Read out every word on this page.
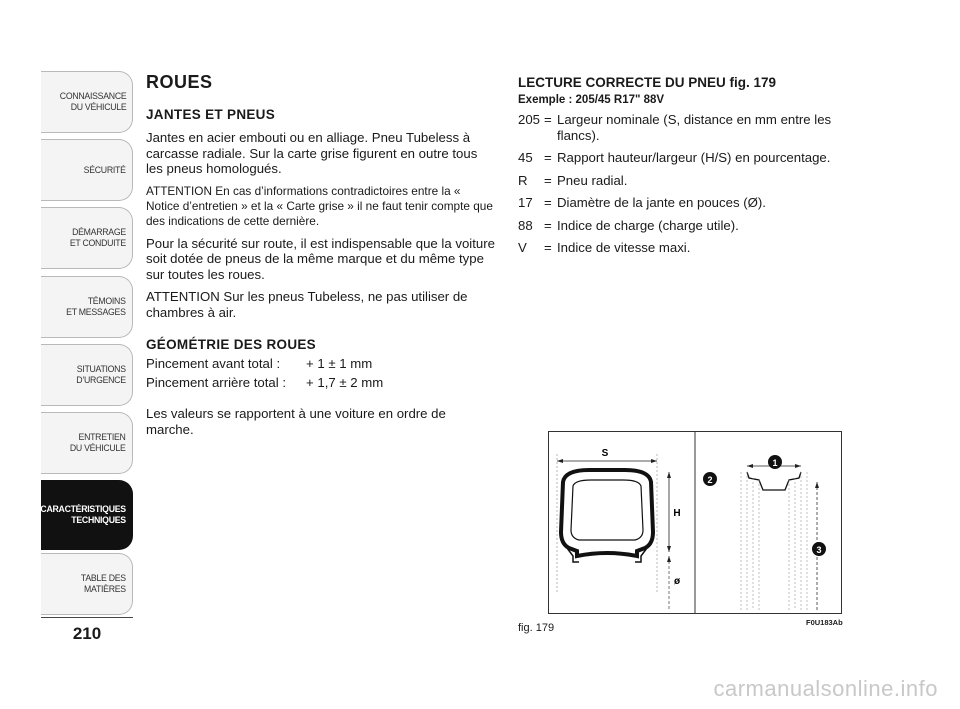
CONNAISSANCE
DU VÉHICULE
SÉCURITÉ
DÉMARRAGE
ET CONDUITE
TÉMOINS
ET MESSAGES
SITUATIONS
D’URGENCE
ENTRETIEN
DU VÉHICULE
CARACTÉRISTIQUES
TECHNIQUES
TABLE DES
MATIÈRES
210
ROUES
JANTES ET PNEUS

Jantes en acier embouti ou en alliage. Pneu Tubeless à carcasse radiale. Sur la carte grise figurent en outre tous les pneus homologués.

ATTENTION En cas d’informations contradictoires entre la « Notice d’entretien » et la « Carte grise » il ne faut tenir compte que des indications de cette dernière.

Pour la sécurité sur route, il est indispensable que la voiture soit dotée de pneus de la même marque et du même type sur toutes les roues.

ATTENTION Sur les pneus Tubeless, ne pas utiliser de chambres à air.

GÉOMÉTRIE DES ROUES
Pincement avant total :	+ 1 ± 1 mm
Pincement arrière total :	+ 1,7 ± 2 mm

Les valeurs se rapportent à une voiture en ordre de marche.

LECTURE CORRECTE DU PNEU fig. 179
Exemple : 205/45 R17" 88V
205 = Largeur nominale (S, distance en mm entre les flancs).
45 = Rapport hauteur/largeur (H/S) en pourcentage.
R	= Pneu radial.
17 = Diamètre de la jante en pouces (Ø).
88 = Indice de charge (charge utile).
V	= Indice de vitesse maxi.
S
H
ø
1
2
3
fig. 179	F0U183Ab
carmanualsonline.info
